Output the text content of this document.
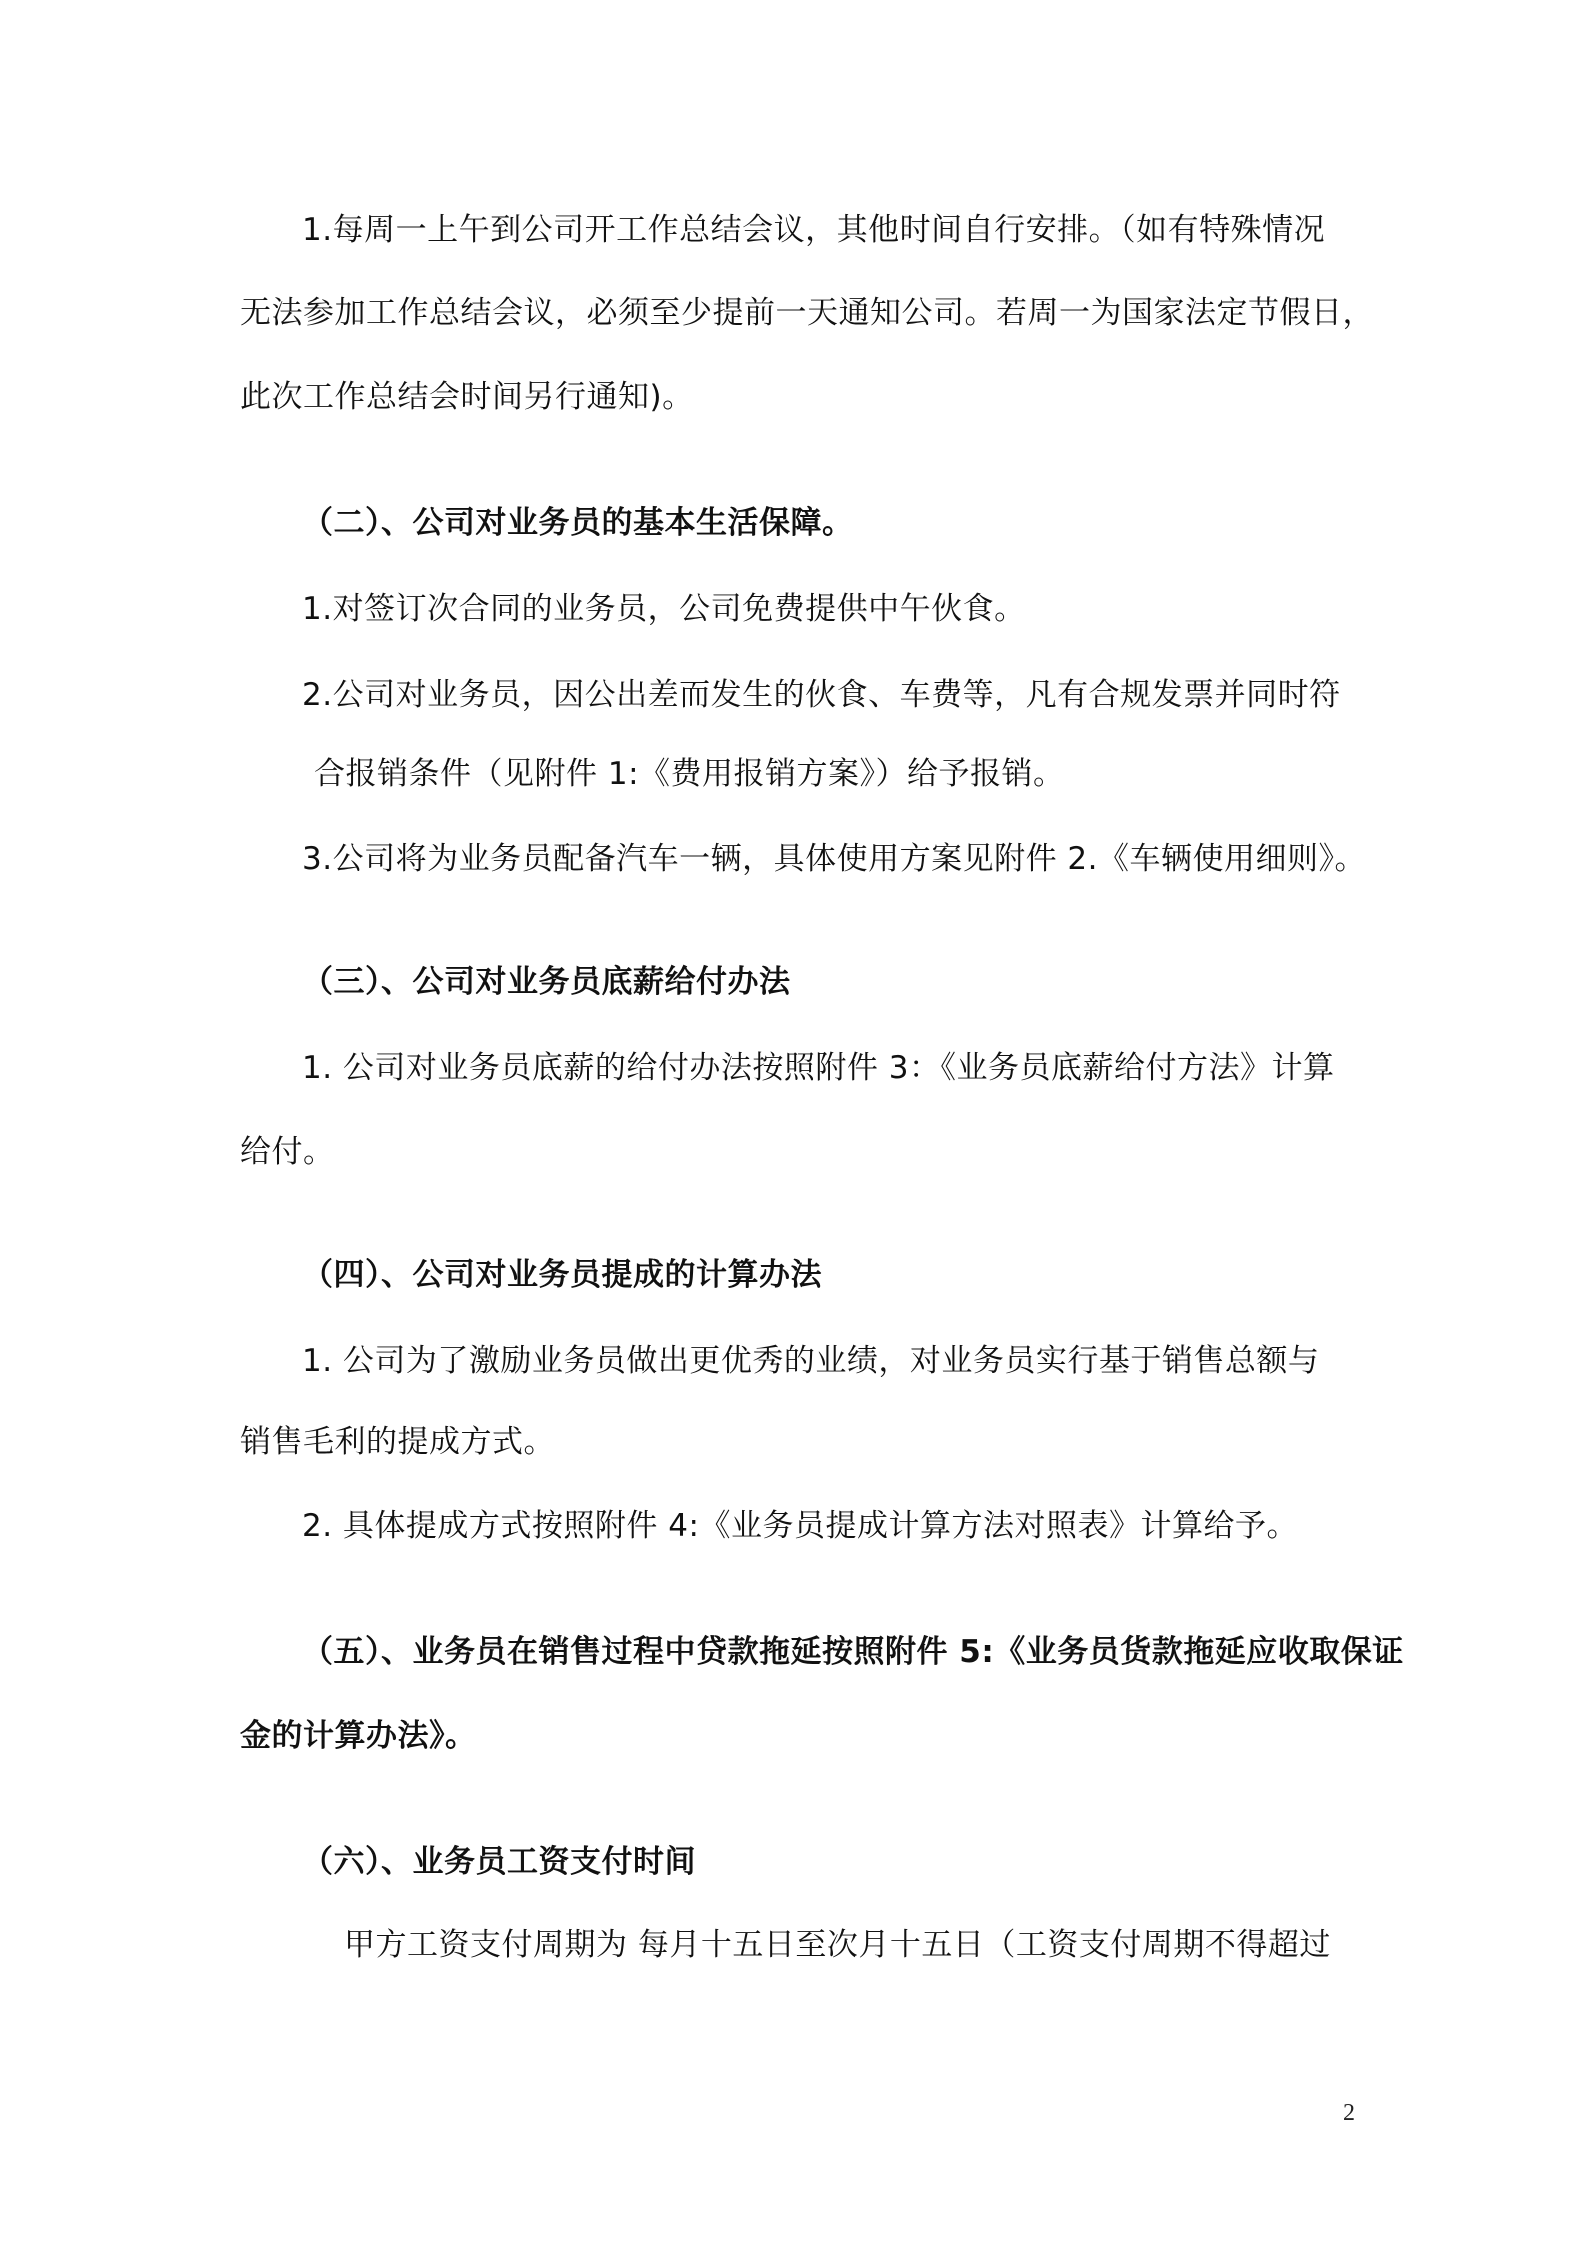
1.每周一上午到公司开工作总结会议，其他时间自行安排。（如有特殊情况
无法参加工作总结会议，必须至少提前一天通知公司。若周一为国家法定节假日，
此次工作总结会时间另行通知)。
（二）、公司对业务员的基本生活保障。
1.对签订次合同的业务员，公司免费提供中午伙食。
2.公司对业务员，因公出差而发生的伙食、车费等，凡有合规发票并同时符
合报销条件（见附件 1:《费用报销方案》）给予报销。
3.公司将为业务员配备汽车一辆，具体使用方案见附件 2.《车辆使用细则》。
（三）、公司对业务员底薪给付办法
1. 公司对业务员底薪的给付办法按照附件 3：《业务员底薪给付方法》计算
给付。
（四）、公司对业务员提成的计算办法
1. 公司为了激励业务员做出更优秀的业绩，对业务员实行基于销售总额与
销售毛利的提成方式。
2. 具体提成方式按照附件 4:《业务员提成计算方法对照表》计算给予。
（五）、业务员在销售过程中贷款拖延按照附件 5:《业务员货款拖延应收取保证
金的计算办法》。
（六）、业务员工资支付时间
甲方工资支付周期为 每月十五日至次月十五日（工资支付周期不得超过
2
